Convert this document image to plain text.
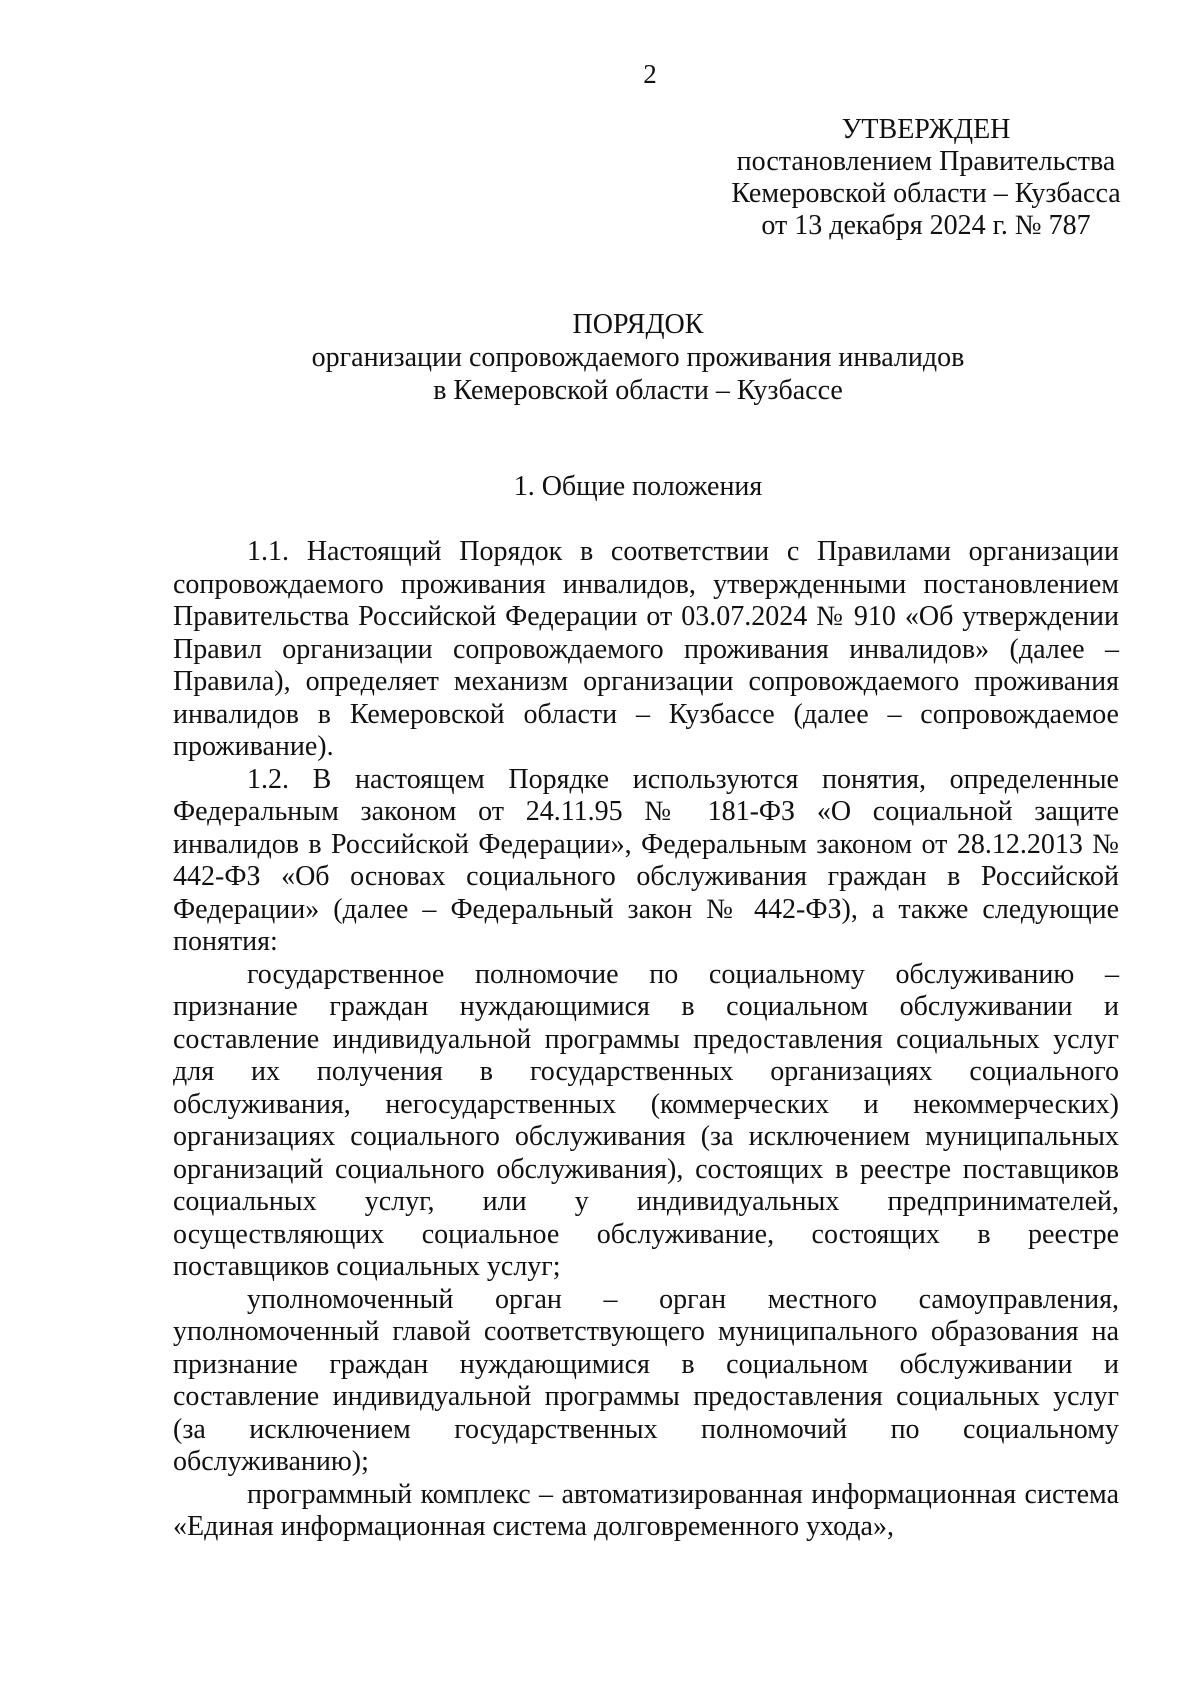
2
УТВЕРЖДЕН
постановлением Правительства
Кемеровской области – Кузбасса
от 13 декабря 2024 г. № 787
ПОРЯДОК
организации сопровождаемого проживания инвалидов
в Кемеровской области – Кузбассе
1. Общие положения

1.1. Настоящий Порядок в соответствии с Правилами организации сопровождаемого проживания инвалидов, утвержденными постановлением Правительства Российской Федерации от 03.07.2024 № 910 «Об утверждении Правил организации сопровождаемого проживания инвалидов» (далее – Правила), определяет механизм организации сопровождаемого проживания инвалидов в Кемеровской области – Кузбассе (далее – сопровождаемое проживание).

1.2. В настоящем Порядке используются понятия, определенные Федеральным законом от 24.11.95 № 181-ФЗ «О социальной защите инвалидов в Российской Федерации», Федеральным законом от 28.12.2013 № 442-ФЗ «Об основах социального обслуживания граждан в Российской Федерации» (далее – Федеральный закон № 442-ФЗ), а также следующие понятия:

государственное полномочие по социальному обслуживанию – признание граждан нуждающимися в социальном обслуживании и составление индивидуальной программы предоставления социальных услуг для их получения в государственных организациях социального обслуживания, негосударственных (коммерческих и некоммерческих) организациях социального обслуживания (за исключением муниципальных организаций социального обслуживания), состоящих в реестре поставщиков социальных услуг, или у индивидуальных предпринимателей, осуществляющих социальное обслуживание, состоящих в реестре поставщиков социальных услуг;

уполномоченный орган – орган местного самоуправления, уполномоченный главой соответствующего муниципального образования на признание граждан нуждающимися в социальном обслуживании и составление индивидуальной программы предоставления социальных услуг (за исключением государственных полномочий по социальному обслуживанию);

программный комплекс – автоматизированная информационная система «Единая информационная система долговременного ухода»,
